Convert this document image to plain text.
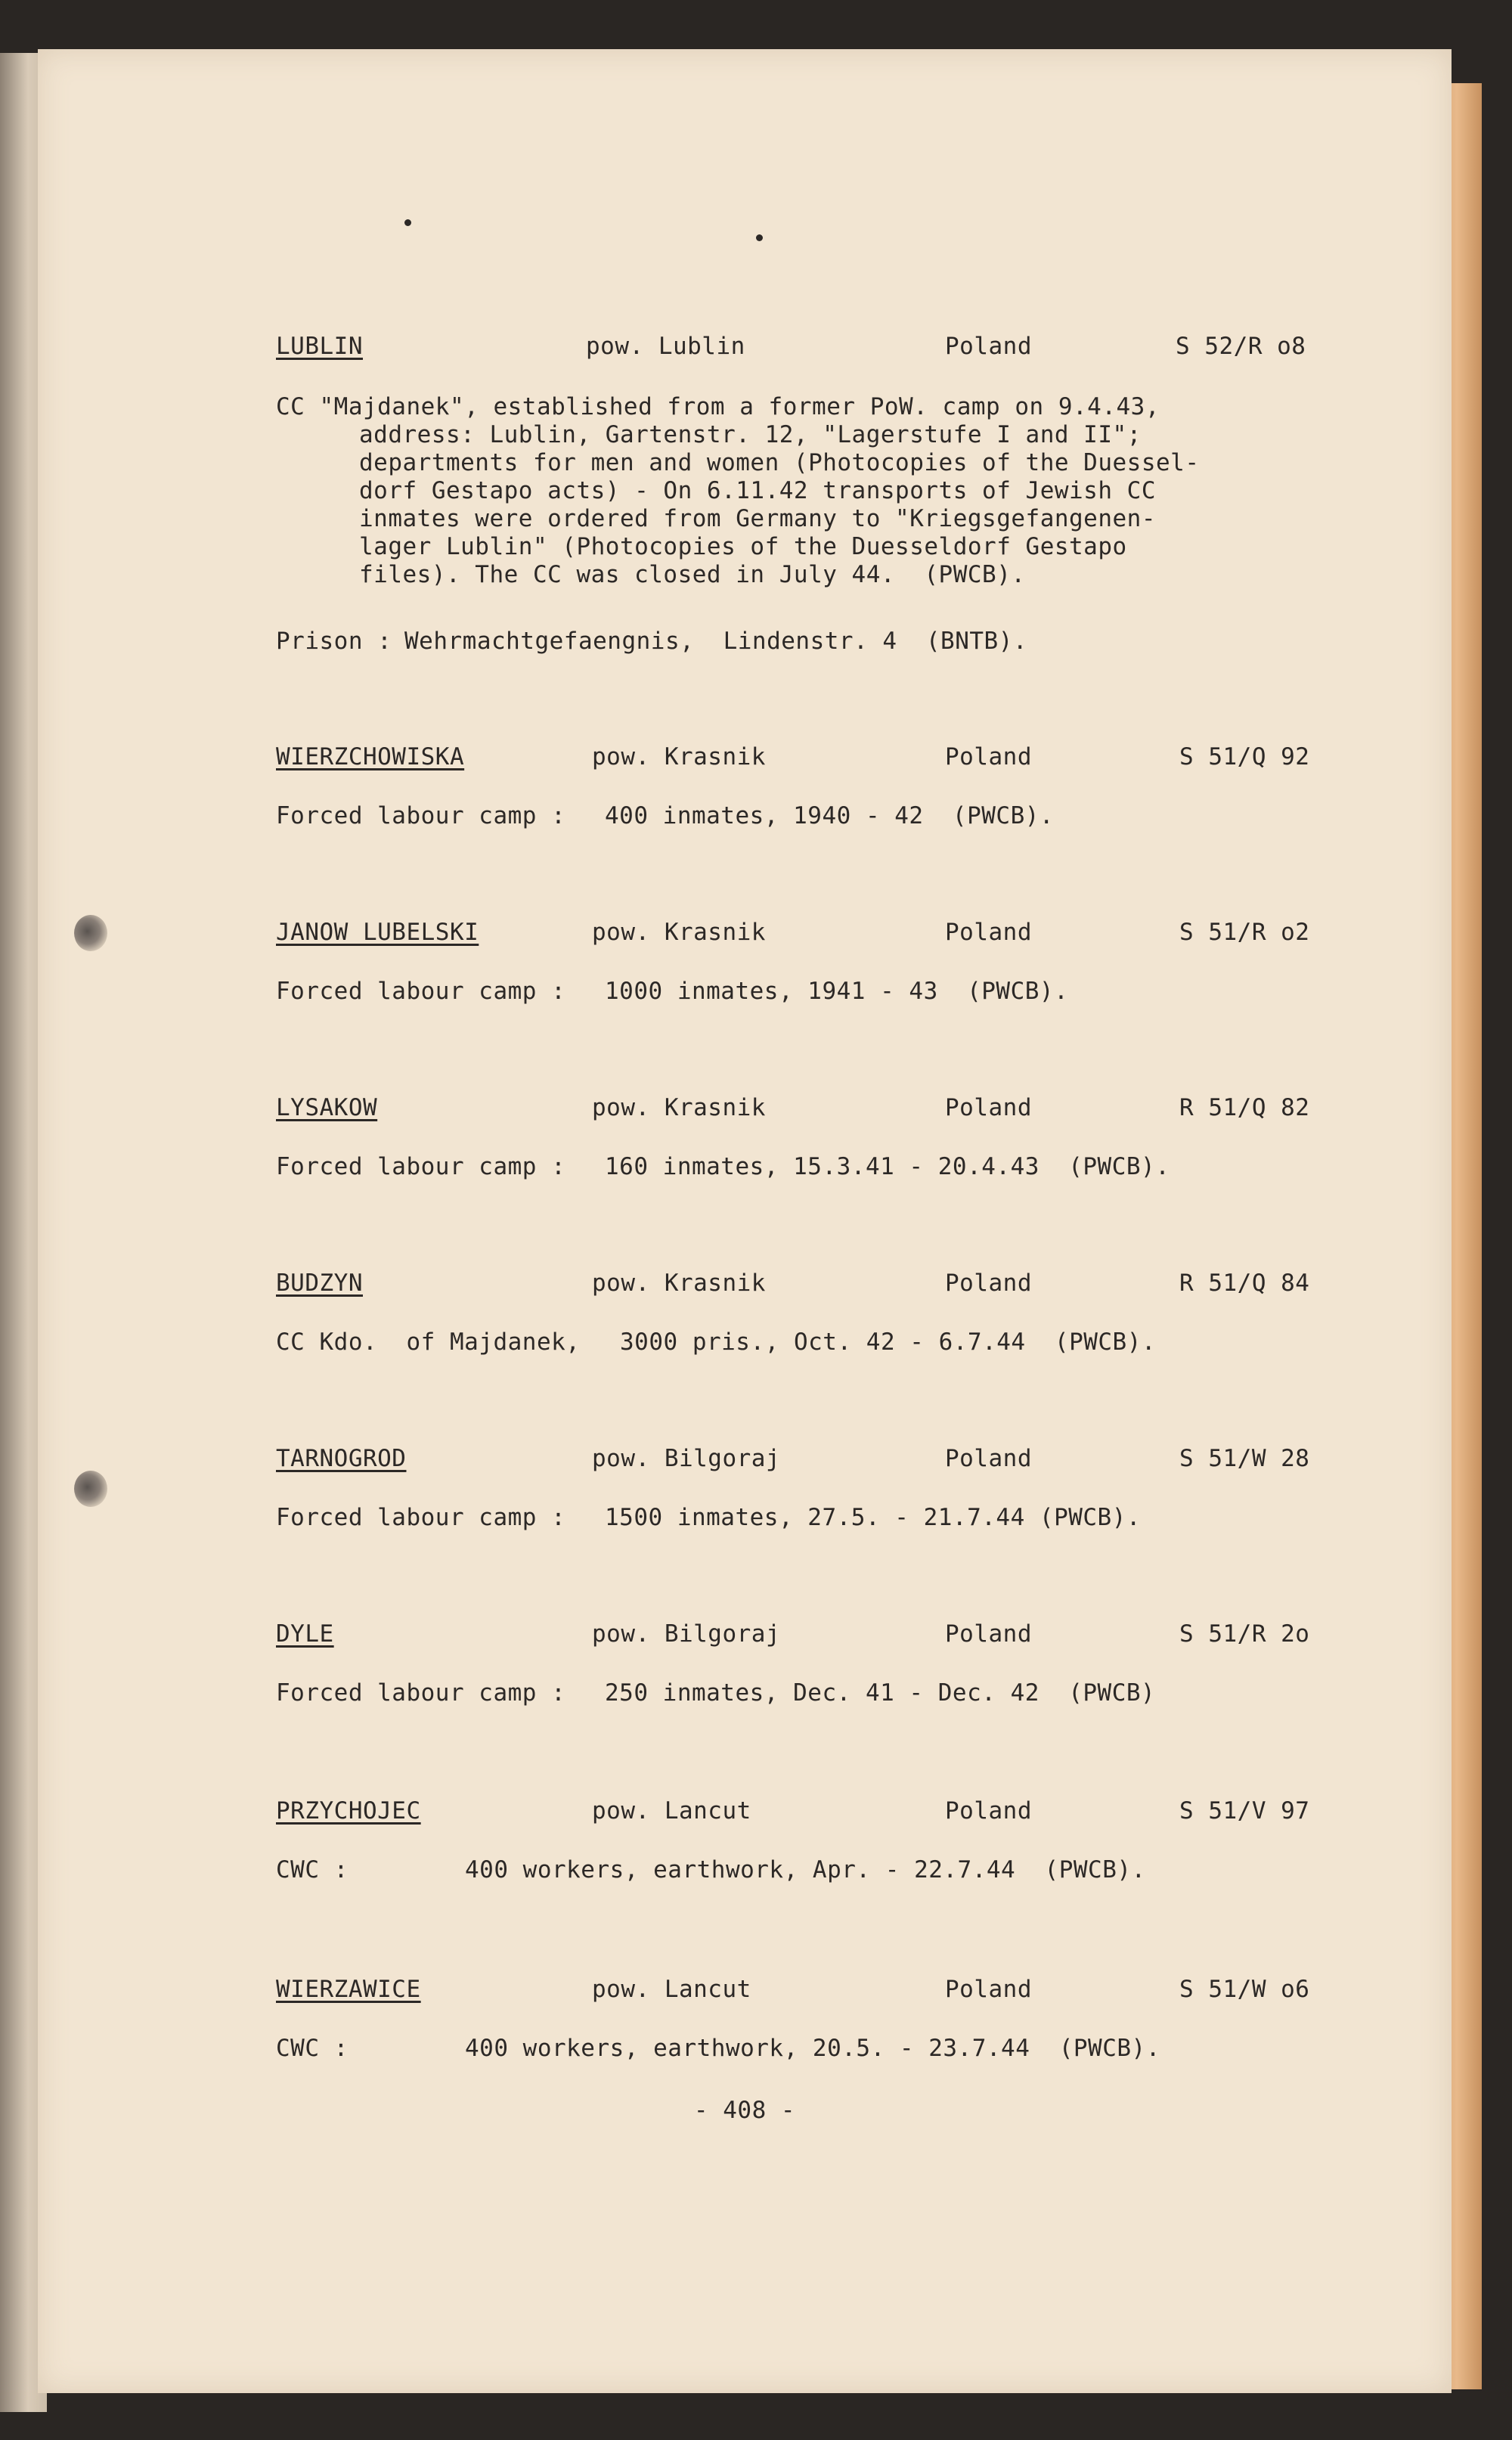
LUBLIN	pow. Lublin	Poland	S 52/R o8
CC "Majdanek", established from a former PoW. camp on 9.4.43,
address: Lublin, Gartenstr. 12, "Lagerstufe I and II";
departments for men and women (Photocopies of the Duessel-
dorf Gestapo acts) - On 6.11.42 transports of Jewish CC
inmates were ordered from Germany to "Kriegsgefangenen-
lager Lublin" (Photocopies of the Duesseldorf Gestapo
files). The CC was closed in July 44.  (PWCB).
Prison : Wehrmachtgefaengnis,  Lindenstr. 4  (BNTB).
WIERZCHOWISKA	pow. Krasnik	Poland	S 51/Q 92
Forced labour camp : 400 inmates, 1940 - 42  (PWCB).
JANOW LUBELSKI	pow. Krasnik	Poland	S 51/R o2
Forced labour camp : 1000 inmates, 1941 - 43  (PWCB).
LYSAKOW	pow. Krasnik	Poland	R 51/Q 82
Forced labour camp : 160 inmates, 15.3.41 - 20.4.43  (PWCB).
BUDZYN	pow. Krasnik	Poland	R 51/Q 84
CC Kdo.  of Majdanek, 3000 pris., Oct. 42 - 6.7.44  (PWCB).
TARNOGROD	pow. Bilgoraj	Poland	S 51/W 28
Forced labour camp : 1500 inmates, 27.5. - 21.7.44 (PWCB).
DYLE	pow. Bilgoraj	Poland	S 51/R 2o
Forced labour camp : 250 inmates, Dec. 41 - Dec. 42  (PWCB)
PRZYCHOJEC	pow. Lancut	Poland	S 51/V 97
CWC :	400 workers, earthwork, Apr. - 22.7.44  (PWCB).
WIERZAWICE	pow. Lancut	Poland	S 51/W o6
CWC :	400 workers, earthwork, 20.5. - 23.7.44  (PWCB).
- 408 -
